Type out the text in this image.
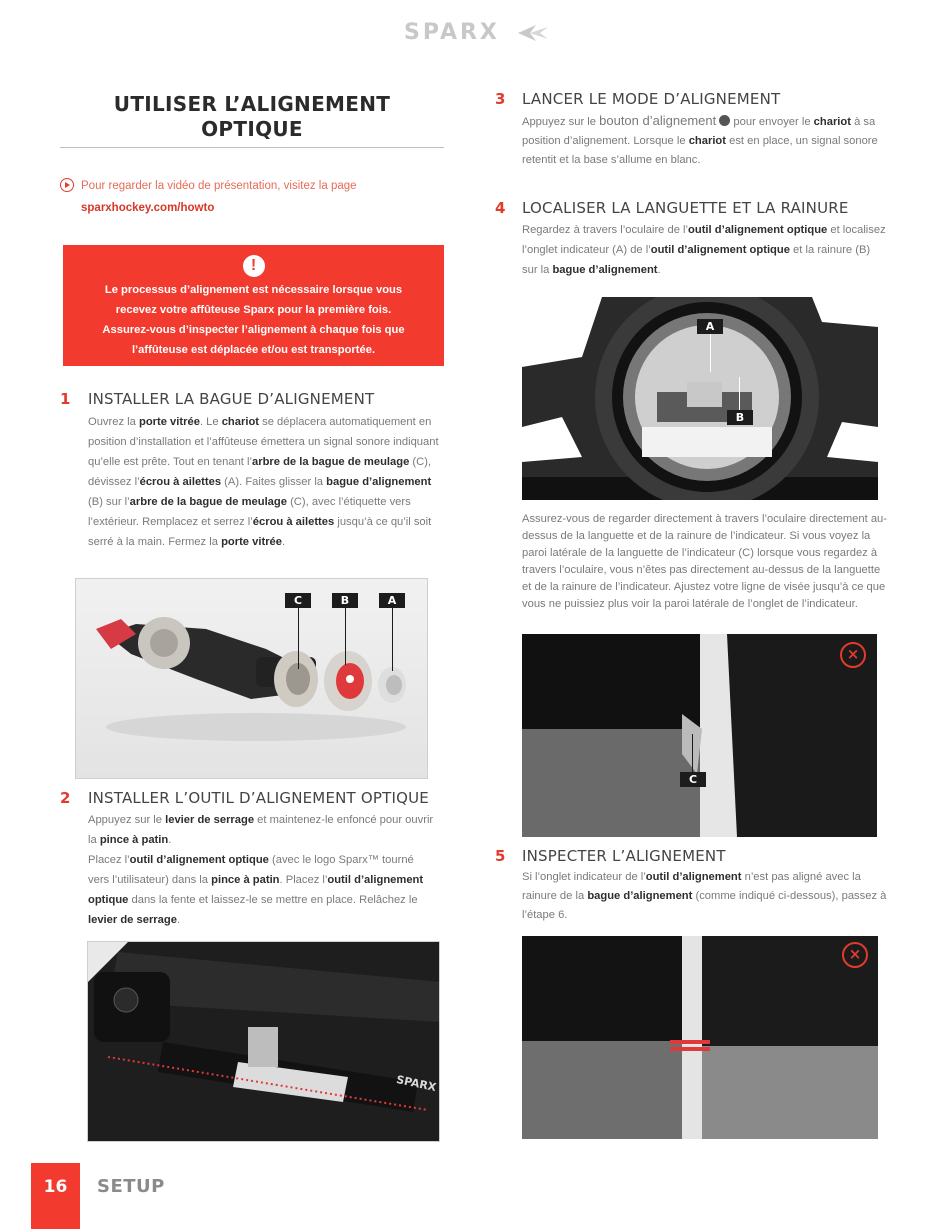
SPARX
UTILISER L’ALIGNEMENT OPTIQUE
Pour regarder la vidéo de présentation, visitez la page
sparxhockey.com/howto
!
Le processus d’alignement est nécessaire lorsque vous
recevez votre affûteuse Sparx pour la première fois.
Assurez-vous d’inspecter l’alignement à chaque fois que
l’affûteuse est déplacée et/ou est transportée.
1 INSTALLER LA BAGUE D’ALIGNEMENT
Ouvrez la porte vitrée. Le chariot se déplacera automatiquement en position d’installation et l’affûteuse émettera un signal sonore indiquant qu’elle est prête. Tout en tenant l’arbre de la bague de meulage (C), dévissez l’écrou à ailettes (A). Faites glisser la bague d’alignement (B) sur l’arbre de la bague de meulage (C), avec l’étiquette vers l’extérieur. Remplacez et serrez l’écrou à ailettes jusqu’à ce qu’il soit serré à la main. Fermez la porte vitrée.
C	B	A
2 INSTALLER L’OUTIL D’ALIGNEMENT OPTIQUE
Appuyez sur le levier de serrage et maintenez-le enfoncé pour ouvrir la pince à patin.
Placez l’outil d’alignement optique (avec le logo Sparx™ tourné vers l’utilisateur) dans la pince à patin. Placez l’outil d’alignement optique dans la fente et laissez-le se mettre en place. Relâchez le levier de serrage.
SPARX
3 LANCER LE MODE D’ALIGNEMENT
Appuyez sur le bouton d’alignement  pour envoyer le chariot à sa position d’alignement. Lorsque le chariot est en place, un signal sonore retentit et la base s’allume en blanc.
4 LOCALISER LA LANGUETTE ET LA RAINURE
Regardez à travers l’oculaire de l’outil d’alignement optique et localisez l’onglet indicateur (A) de l’outil d’alignement optique et la rainure (B) sur la bague d’alignement.
A
B
Assurez-vous de regarder directement à travers l’oculaire directement au-dessus de la languette et de la rainure de l’indicateur. Si vous voyez la paroi latérale de la languette de l’indicateur (C) lorsque vous regardez à travers l’oculaire, vous n’êtes pas directement au-dessus de la languette et de la rainure de l’indicateur. Ajustez votre ligne de visée jusqu’à ce que vous ne puissiez plus voir la paroi latérale de l’onglet de l’indicateur.
C
×
5 INSPECTER L’ALIGNEMENT
Si l’onglet indicateur de l’outil d’alignement n’est pas aligné avec la rainure de la bague d’alignement (comme indiqué ci-dessous), passez à l’étape 6.
×
16	SETUP
